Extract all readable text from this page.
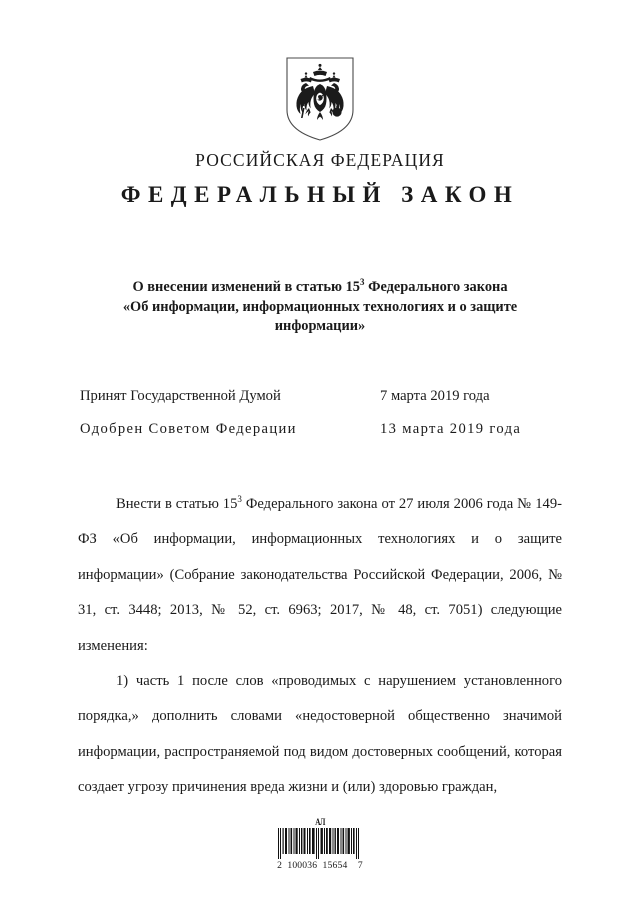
РОССИЙСКАЯ ФЕДЕРАЦИЯ
ФЕДЕРАЛЬНЫЙ ЗАКОН
О внесении изменений в статью $15^3$ Федерального закона
«Об информации, информационных технологиях и о защите
информации»
Принят Государственной Думой	7 марта 2019 года
Одобрен Советом Федерации	13 марта 2019 года

Внести в статью $15^3$ Федерального закона от 27 июля 2006 года № 149-ФЗ «Об информации, информационных технологиях и о защите информации» (Собрание законодательства Российской Федерации, 2006, № 31, ст. 3448; 2013, № 52, ст. 6963; 2017, № 48, ст. 7051) следующие изменения:

1) часть 1 после слов «проводимых с нарушением установленного порядка,» дополнить словами «недостоверной общественно значимой информации, распространяемой под видом достоверных сообщений, которая создает угрозу причинения вреда жизни и (или) здоровью граждан,

АЛ
2  100036  15654    7
